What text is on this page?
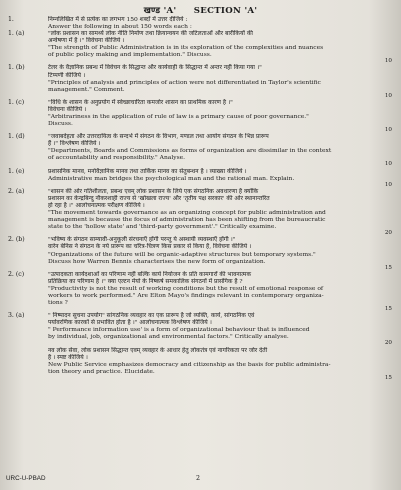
खण्ड 'A' SECTION 'A'
1.	निम्नलिखित में से प्रत्येक का लगभग 150 शब्दों में उत्तर दीजिये :

Answer the following in about 150 words each :

1. (a)	"लोक प्रशासन का सामर्थ्य लोक नीति निर्माण तथा क्रियान्वयन की जटिलताओं और बारीकियों की

अन्वेषणा में है ।" विवेचना कीजिये ।

"The strength of Public Administration is in its exploration of the complexities and nuances

of public policy making and implementation." Discuss.

10

1. (b)	टेलर के वैज्ञानिक प्रबन्ध में विवेचन के सिद्धान्त और कार्यवाही के सिद्धान्त में अन्तर नहीं किया गया ।"

टिप्पणी कीजिये ।

"Principles of analysis and principles of action were not differentiated in Taylor's scientific

management." Comment.

10

1. (c)	"विधि के शासन के अनुप्रयोग में स्वेच्छाचारिता कमजोर शासन का प्राथमिक कारण है ।"

विवेचना कीजिये ।

"Arbitrariness in the application of rule of law is a primary cause of poor governance."

Discuss.

10

1. (d)	"जवाबदेहता और उत्तरदायित्व के सन्दर्भ में संगठन के विभाग, मण्डल तथा आयोग संगठन के भिन्न प्रारूप

हैं ।" विश्लेषण कीजिये ।

"Departments, Boards and Commissions as forms of organization are dissimilar in the context

of accountability and responsibility." Analyse.

10

1. (e)	प्रशासनिक मानव, मनोवैज्ञानिक मानव तथा तार्किक मानव का सेतुबन्धन है । व्याख्या कीजिये ।

Administrative man bridges the psychological man and the rational man. Explain.

10

2. (a)	"शासन की ओर गतिशीलता, प्रबन्ध एवम् लोक प्रशासन के लिये एक संगठनिक अवधारणा है क्योंकि

प्रशासन का केन्द्रबिन्दु नौकरशाही राज्य से 'खोखला राज्य' और 'तृतीय पक्ष सरकार' की ओर स्थानान्तरित

हो रहा है ।" आलोचनात्मक परीक्षण कीजिये ।

"The movement towards governance as an organizing concept for public administration and

management is because the focus of administration has been shifting from the bureaucratic

state to the 'hollow state' and 'third-party government'." Critically examine.

20

2. (b)	"भविष्य के संगठन साम्यावी-अनुकूली संरचनाएँ होंगी परन्तु ये अस्थायी व्यवस्थाएँ होंगी ।"

वारेन बेनिस ने संगठन के नये प्रारूप का चरित्र-चित्रण किस प्रकार से किया है, विवेचना कीजिये ।

"Organizations of the future will be organic-adaptive structures but temporary systems."

Discuss how Warren Bennis characterises the new form of organization.

15

2. (c)	"उत्पादकता कार्यदशाओं का परिणाम नहीं बल्कि कार्य नियोजन के प्रति कामगारों की भावनात्मक

प्रतिक्रिया का परिणाम है ।" क्या एल्टन मेयो के निष्कर्ष समकालिक संगठनों में प्रासंगिक है ?

"Productivity is not the result of working conditions but the result of emotional response of

workers to work performed." Are Elton Mayo's findings relevant in contemporary organiza-

tions ?

15

3. (a)	" निष्पादन सुचना उपयोग" सांगठनिक व्यवहार का एक प्रारूप है जो व्यक्ति, कार्य, सांगठनिक एवं

पर्यावरणिक कारकों से प्रभावित होता है ।" आलोचनात्मक विश्लेषण कीजिये ।

" Performance information use' is a form of organizational behaviour that is influenced

by individual, job, organizational and environmental factors." Critically analyse.

20

नव लोक सेवा, लोक प्रशासन सिद्धान्त एवम् व्यवहार के आधार हेतु लोकतंत्र एवं नागरिकता पर जोर देती

है । स्पष्ट कीजिये ।

New Public Service emphasizes democracy and citizenship as the basis for public administra-

tion theory and practice. Elucidate.

15

URC-U-PBAD	2
